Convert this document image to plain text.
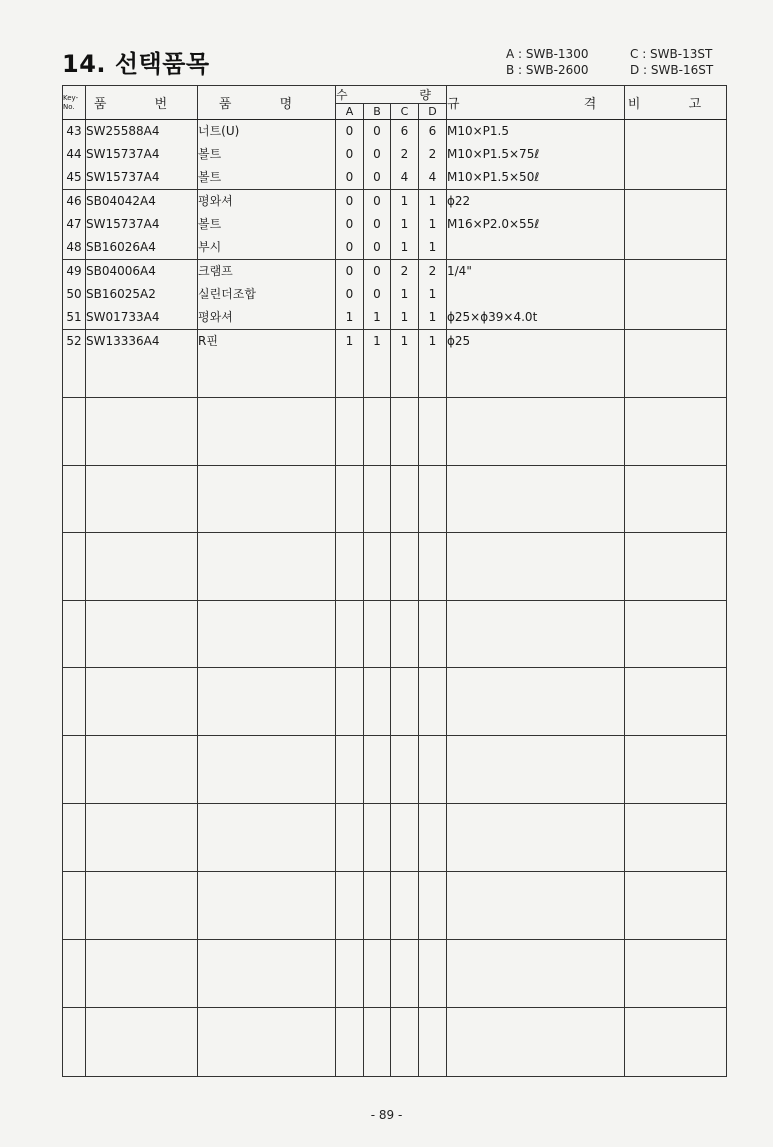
14. 선택품목	A : SWB-1300	C : SWB-13ST
B : SWB-2600	D : SWB-16ST
Key-
No.	품 번	품 명	수 량				규 격	비 고
			A	B	C	D		
43	SW25588A4	너트(U)	0	0	6	6	M10×P1.5	
44	SW15737A4	볼트	0	0	2	2	M10×P1.5×75ℓ	
45	SW15737A4	볼트	0	0	4	4	M10×P1.5×50ℓ	
46	SB04042A4	평와셔	0	0	1	1	ϕ22	
47	SW15737A4	볼트	0	0	1	1	M16×P2.0×55ℓ	
48	SB16026A4	부시	0	0	1	1		
49	SB04006A4	크램프	0	0	2	2	1/4"	
50	SB16025A2	실린더조합	0	0	1	1		
51	SW01733A4	평와셔	1	1	1	1	ϕ25×ϕ39×4.0t	
52	SW13336A4	R핀	1	1	1	1	ϕ25	

- 89 -
